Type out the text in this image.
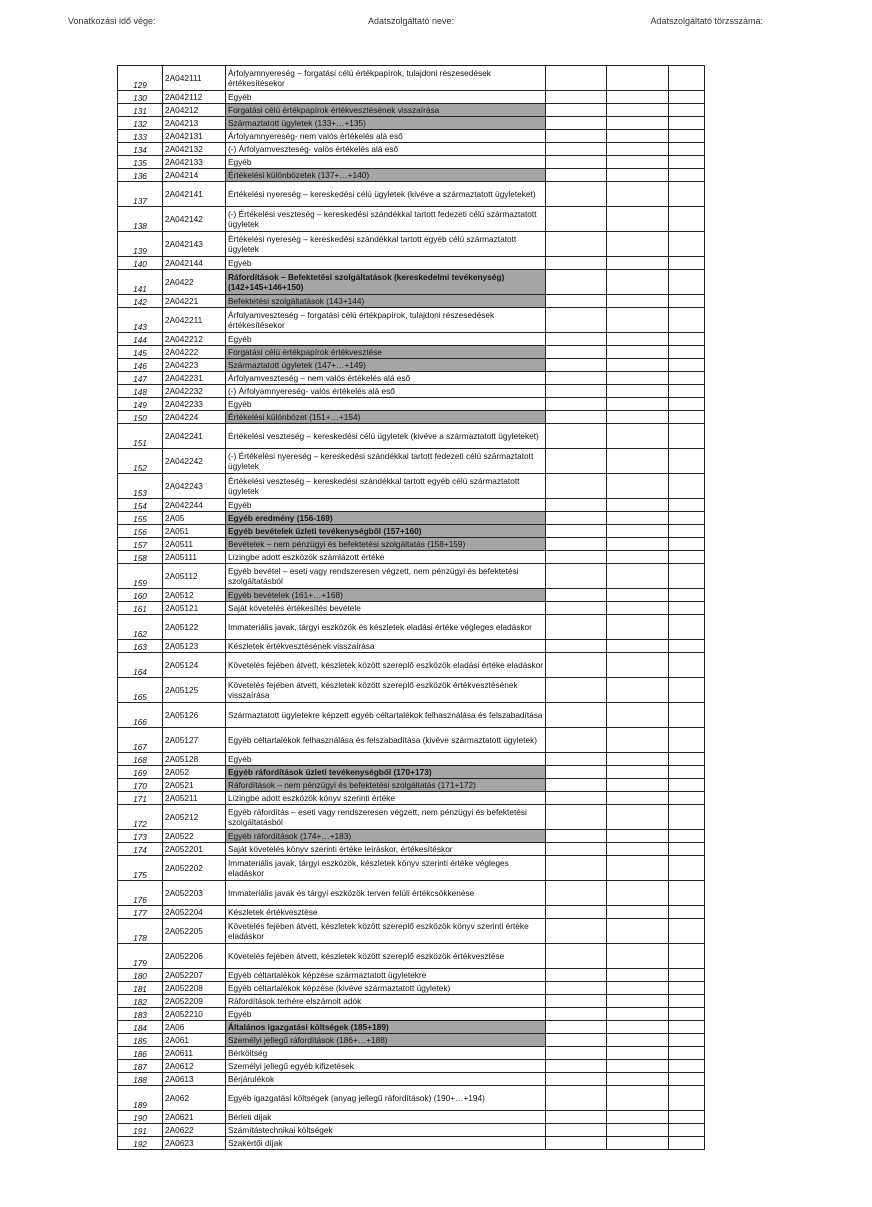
Vonatkozási idő vége:	Adatszolgáltató neve:	Adatszolgáltató törzsszáma:
129	2A042111	Árfolyamnyereség – forgatási célú értékpapírok, tulajdoni részesedések értékesítésekor			
130	2A042112	Egyéb			
131	2A04212	Forgatási célú értékpapírok értékvesztésének visszaírása			
132	2A04213	Származtatott ügyletek (133+…+135)			
133	2A042131	Árfolyamnyereség- nem valós értékelés alá eső			
134	2A042132	(-) Árfolyamveszteség- valós értékelés alá eső			
135	2A042133	Egyéb			
136	2A04214	Értékelési különbözetek (137+…+140)			
137	2A042141	Értékelési nyereség – kereskedési célú ügyletek (kivéve a származtatott ügyleteket)			
138	2A042142	(-) Értékelési veszteség – kereskedési szándékkal tartott fedezeti célú származtatott ügyletek			
139	2A042143	Értékelési nyereség – kereskedési szándékkal tartott egyéb célú származtatott ügyletek			
140	2A042144	Egyéb			
141	2A0422	Ráfordítások – Befektetési szolgáltatások (kereskedelmi tevékenység) (142+145+146+150)			
142	2A04221	Befektetési szolgáltatások (143+144)			
143	2A042211	Árfolyamveszteség – forgatási célú értékpapírok, tulajdoni részesedések értékesítésekor			
144	2A042212	Egyéb			
145	2A04222	Forgatási célú értékpapírok értékvesztése			
146	2A04223	Származtatott ügyletek (147+…+149)			
147	2A042231	Árfolyamveszteség – nem valós értékelés alá eső			
148	2A042232	(-) Árfolyamnyereség- valós értékelés alá eső			
149	2A042233	Egyéb			
150	2A04224	Értékelési különbözet (151+…+154)			
151	2A042241	Értékelési veszteség – kereskedési célú ügyletek (kivéve a származtatott ügyleteket)			
152	2A042242	(-) Értékelési nyereség – kereskedési szándékkal tartott fedezeti célú származtatott ügyletek			
153	2A042243	Értékelési veszteség – kereskedési szándékkal tartott egyéb célú származtatott ügyletek			
154	2A042244	Egyéb			
155	2A05	Egyéb eredmény (156-169)			
156	2A051	Egyéb bevételek üzleti tevékenységből (157+160)			
157	2A0511	Bevételek – nem pénzügyi és befektetési szolgáltatás (158+159)			
158	2A05111	Lízingbe adott eszközök számlázott értéke			
159	2A05112	Egyéb bevétel – eseti vagy rendszeresen végzett, nem pénzügyi és befektetési szolgáltatásból			
160	2A0512	Egyéb bevételek (161+…+168)			
161	2A05121	Saját követelés értékesítés bevétele			
162	2A05122	Immateriális javak, tárgyi eszközök és készletek eladási értéke végleges eladáskor			
163	2A05123	Készletek értékvesztésének visszaírása			
164	2A05124	Követelés fejében átvett, készletek között szereplő eszközök eladási értéke eladáskor			
165	2A05125	Követelés fejében átvett, készletek között szereplő eszközök értékvesztésének visszaírása			
166	2A05126	Származtatott ügyletekre képzett egyéb céltartalékok felhasználása és felszabadítása			
167	2A05127	Egyéb céltartalékok felhasználása és felszabadítása (kivéve származtatott ügyletek)			
168	2A05128	Egyéb			
169	2A052	Egyéb ráfordítások üzleti tevékenységből (170+173)			
170	2A0521	Ráfordítások – nem pénzügyi és befektetési szolgáltatás (171+172)			
171	2A05211	Lízingbe adott eszközök könyv szerinti értéke			
172	2A05212	Egyéb ráfordítás – eseti vagy rendszeresen végzett, nem pénzügyi és befektetési szolgáltatásból			
173	2A0522	Egyéb ráfordítások (174+…+183)			
174	2A052201	Saját követelés könyv szerinti értéke leíráskor, értékesítéskor			
175	2A052202	Immateriális javak, tárgyi eszközök, készletek könyv szerinti értéke végleges eladáskor			
176	2A052203	Immateriális javak és tárgyi eszközök terven felüli értékcsökkenése			
177	2A052204	Készletek értékvesztése			
178	2A052205	Követelés fejében átvett, készletek között szereplő eszközök könyv szerinti értéke eladáskor			
179	2A052206	Követelés fejében átvett, készletek között szereplő eszközök értékvesztése			
180	2A052207	Egyéb céltartalékok képzése származtatott ügyletekre			
181	2A052208	Egyéb céltartalékok képzése (kivéve származtatott ügyletek)			
182	2A052209	Ráfordítások terhére elszámolt adók			
183	2A052210	Egyéb			
184	2A06	Általános igazgatási költségek (185+189)			
185	2A061	Személyi jellegű ráfordítások (186+…+188)			
186	2A0611	Bérköltség			
187	2A0612	Személyi jellegű egyéb kifizetések			
188	2A0613	Bérjárulékok			
189	2A062	Egyéb igazgatási költségek (anyag jellegű ráfordítások) (190+…+194)			
190	2A0621	Bérleti díjak			
191	2A0622	Számítástechnikai költségek			
192	2A0623	Szakértői díjak			
